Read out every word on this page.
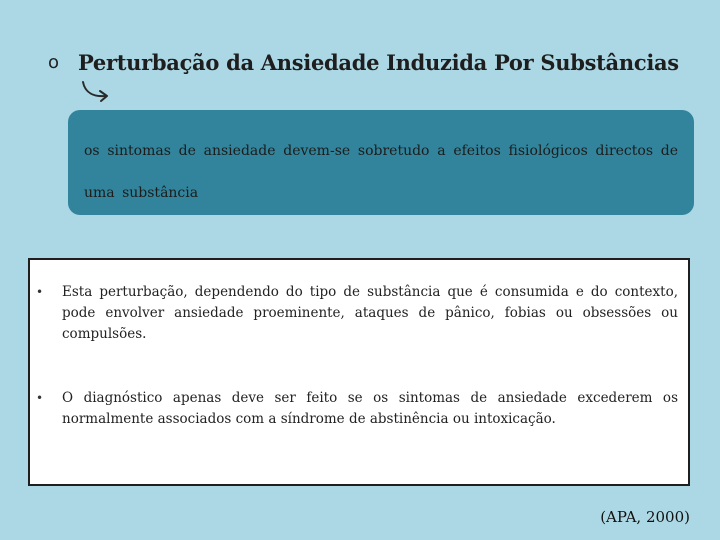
o Perturbação da Ansiedade Induzida Por Substâncias

os sintomas de ansiedade devem-se sobretudo a efeitos fisiológicos directos de uma substância

•	Esta perturbação, dependendo do tipo de substância que é consumida e do contexto, pode envolver ansiedade proeminente, ataques de pânico, fobias ou obsessões ou compulsões.
•	O diagnóstico apenas deve ser feito se os sintomas de ansiedade excederem os normalmente associados com a síndrome de abstinência ou intoxicação.

(APA, 2000)
